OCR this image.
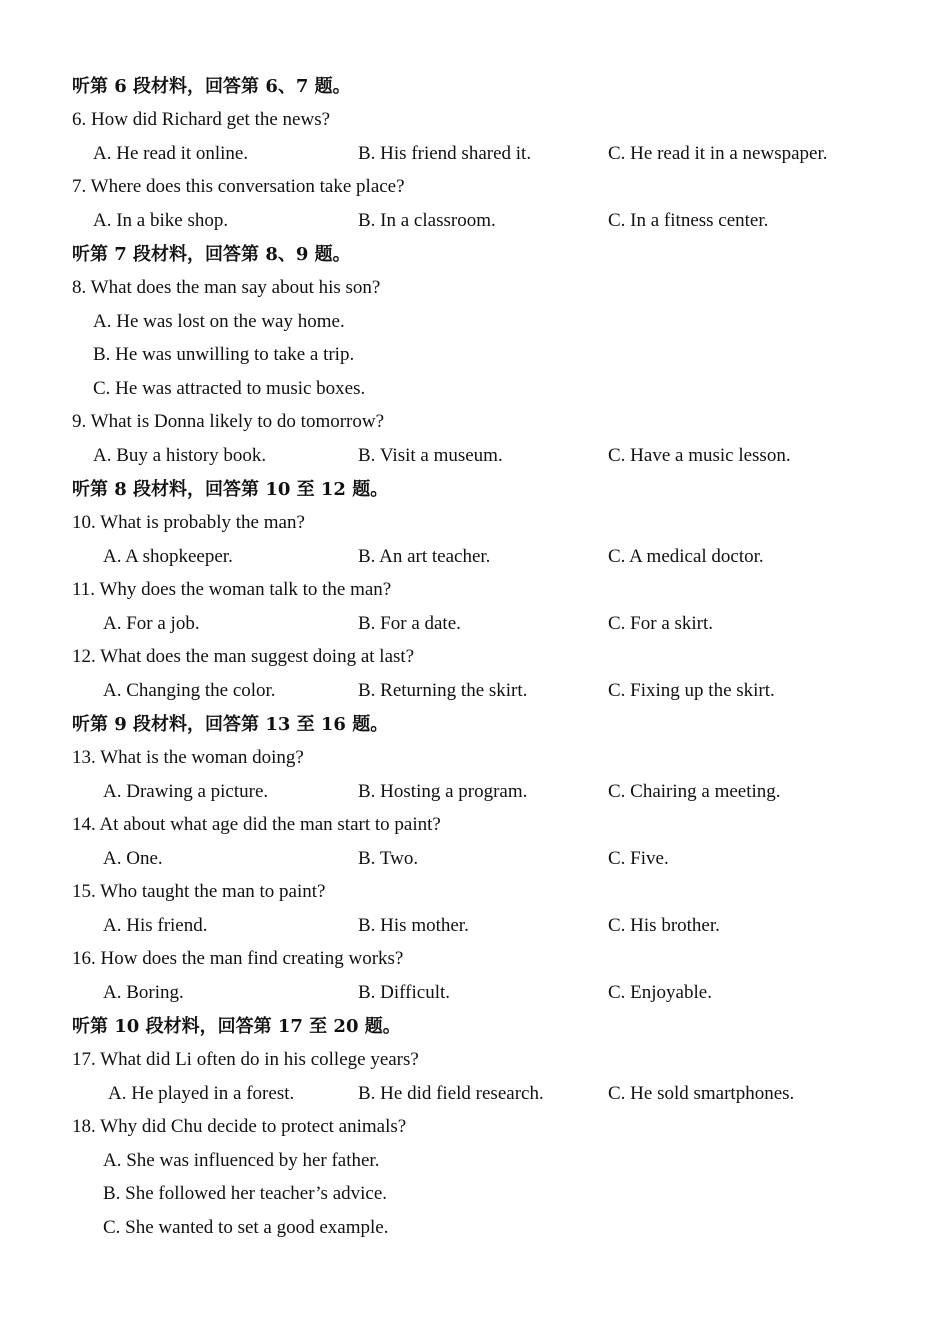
听第 6 段材料，回答第 6、7 题。
6. How did Richard get the news?
A. He read it online.	B. His friend shared it.	C. He read it in a newspaper.
7. Where does this conversation take place?
A. In a bike shop.	B. In a classroom.	C. In a fitness center.
听第 7 段材料，回答第 8、9 题。
8. What does the man say about his son?
A. He was lost on the way home.
B. He was unwilling to take a trip.
C. He was attracted to music boxes.
9. What is Donna likely to do tomorrow?
A. Buy a history book.	B. Visit a museum.	C. Have a music lesson.
听第 8 段材料，回答第 10 至 12 题。
10. What is probably the man?
A. A shopkeeper.	B. An art teacher.	C. A medical doctor.
11. Why does the woman talk to the man?
A. For a job.	B. For a date.	C. For a skirt.
12. What does the man suggest doing at last?
A. Changing the color.	B. Returning the skirt.	C. Fixing up the skirt.
听第 9 段材料，回答第 13 至 16 题。
13. What is the woman doing?
A. Drawing a picture.	B. Hosting a program.	C. Chairing a meeting.
14. At about what age did the man start to paint?
A. One.	B. Two.	C. Five.
15. Who taught the man to paint?
A. His friend.	B. His mother.	C. His brother.
16. How does the man find creating works?
A. Boring.	B. Difficult.	C. Enjoyable.
听第 10 段材料，回答第 17 至 20 题。
17. What did Li often do in his college years?
A. He played in a forest.	B. He did field research.	C. He sold smartphones.
18. Why did Chu decide to protect animals?
A. She was influenced by her father.
B. She followed her teacher’s advice.
C. She wanted to set a good example.
